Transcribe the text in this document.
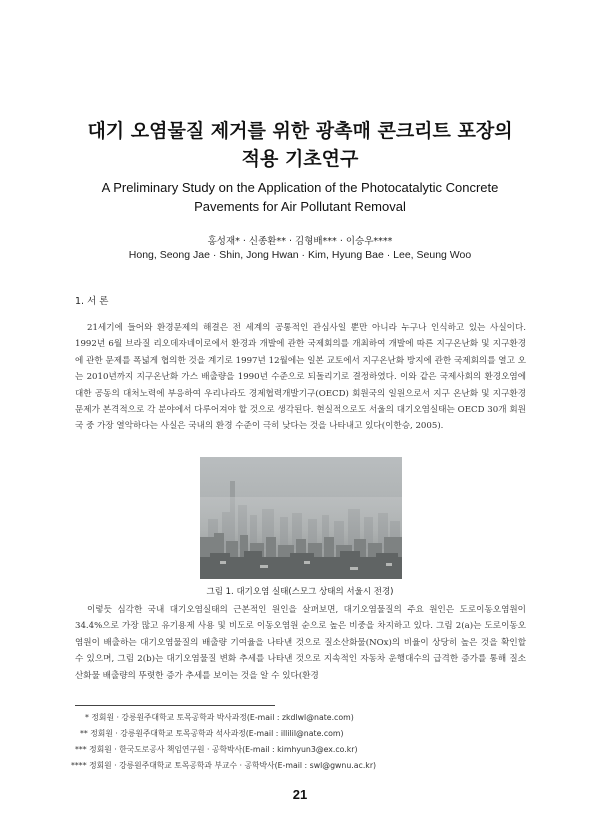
대기 오염물질 제거를 위한 광촉매 콘크리트 포장의
적용 기초연구
A Preliminary Study on the Application of the Photocatalytic Concrete
Pavements for Air Pollutant Removal
홍성재* · 신종환** · 김형배*** · 이승우****
Hong, Seong Jae · Shin, Jong Hwan · Kim, Hyung Bae · Lee, Seung Woo
1. 서 론

21세기에 들어와 환경문제의 해결은 전 세계의 공통적인 관심사일 뿐만 아니라 누구나 인식하고 있는 사실이다. 1992년 6월 브라질 리오데자네이로에서 환경과 개발에 관한 국제회의를 개최하여 개발에 따른 지구온난화 및 지구환경에 관한 문제를 폭넓게 협의한 것을 계기로 1997년 12월에는 일본 교토에서 지구온난화 방지에 관한 국제회의를 열고 오는 2010년까지 지구온난화 가스 배출량을 1990년 수준으로 되돌리기로 결정하였다. 이와 같은 국제사회의 환경오염에 대한 공동의 대처노력에 부응하여 우리나라도 경제협력개발기구(OECD) 회원국의 일원으로서 지구 온난화 및 지구환경 문제가 본격적으로 각 분야에서 다루어져야 할 것으로 생각된다. 현실적으로도 서울의 대기오염실태는 OECD 30개 회원국 중 가장 열악하다는 사실은 국내의 환경 수준이 극히 낮다는 것을 나타내고 있다(이한승, 2005).

그림 1. 대기오염 실태(스모그 상태의 서울시 전경)

이렇듯 심각한 국내 대기오염실태의 근본적인 원인을 살펴보면, 대기오염물질의 주요 원인은 도로이동오염원이 34.4%으로 가장 많고 유기용제 사용 및 비도로 이동오염원 순으로 높은 비중을 차지하고 있다. 그림 2(a)는 도로이동오염원이 배출하는 대기오염물질의 배출량 기여율을 나타낸 것으로 질소산화물(NOx)의 비율이 상당히 높은 것을 확인할 수 있으며, 그림 2(b)는 대기오염물질 변화 추세를 나타낸 것으로 지속적인 자동차 운행대수의 급격한 증가를 통해 질소산화물 배출량의 뚜렷한 증가 추세를 보이는 것을 알 수 있다(환경

* 정회원 · 강릉원주대학교 토목공학과 박사과정(E-mail : zkdlwl@nate.com)
** 정회원 · 강릉원주대학교 토목공학과 석사과정(E-mail : illilil@nate.com)
*** 정회원 · 한국도로공사 책임연구원 · 공학박사(E-mail : kimhyun3@ex.co.kr)
**** 정회원 · 강릉원주대학교 토목공학과 부교수 · 공학박사(E-mail : swl@gwnu.ac.kr)
21
